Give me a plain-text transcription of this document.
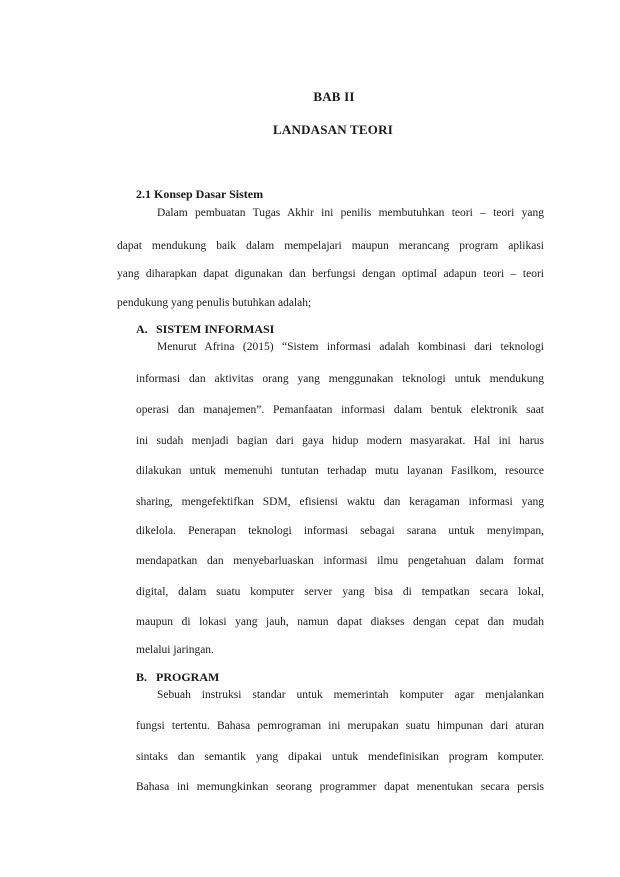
BAB II
LANDASAN TEORI
2.1 Konsep Dasar Sistem
Dalam pembuatan Tugas Akhir ini penilis membutuhkan teori – teori yang
dapat mendukung baik dalam mempelajari maupun merancang program aplikasi
yang diharapkan dapat digunakan dan berfungsi dengan optimal adapun teori – teori
pendukung yang penulis butuhkan adalah;
A. SISTEM INFORMASI
Menurut Afrina (2015) “Sistem informasi adalah kombinasi dari teknologi
informasi dan aktivitas orang yang menggunakan teknologi untuk mendukung
operasi dan manajemen”. Pemanfaatan informasi dalam bentuk elektronik saat
ini sudah menjadi bagian dari gaya hidup modern masyarakat. Hal ini harus
dilakukan untuk memenuhi tuntutan terhadap mutu layanan Fasilkom, resource
sharing, mengefektifkan SDM, efisiensi waktu dan keragaman informasi yang
dikelola. Penerapan teknologi informasi sebagai sarana untuk menyimpan,
mendapatkan dan menyebarluaskan informasi ilmu pengetahuan dalam format
digital, dalam suatu komputer server yang bisa di tempatkan secara lokal,
maupun di lokasi yang jauh, namun dapat diakses dengan cepat dan mudah
melalui jaringan.
B. PROGRAM
Sebuah instruksi standar untuk memerintah komputer agar menjalankan
fungsi tertentu. Bahasa pemrograman ini merupakan suatu himpunan dari aturan
sintaks dan semantik yang dipakai untuk mendefinisikan program komputer.
Bahasa ini memungkinkan seorang programmer dapat menentukan secara persis
